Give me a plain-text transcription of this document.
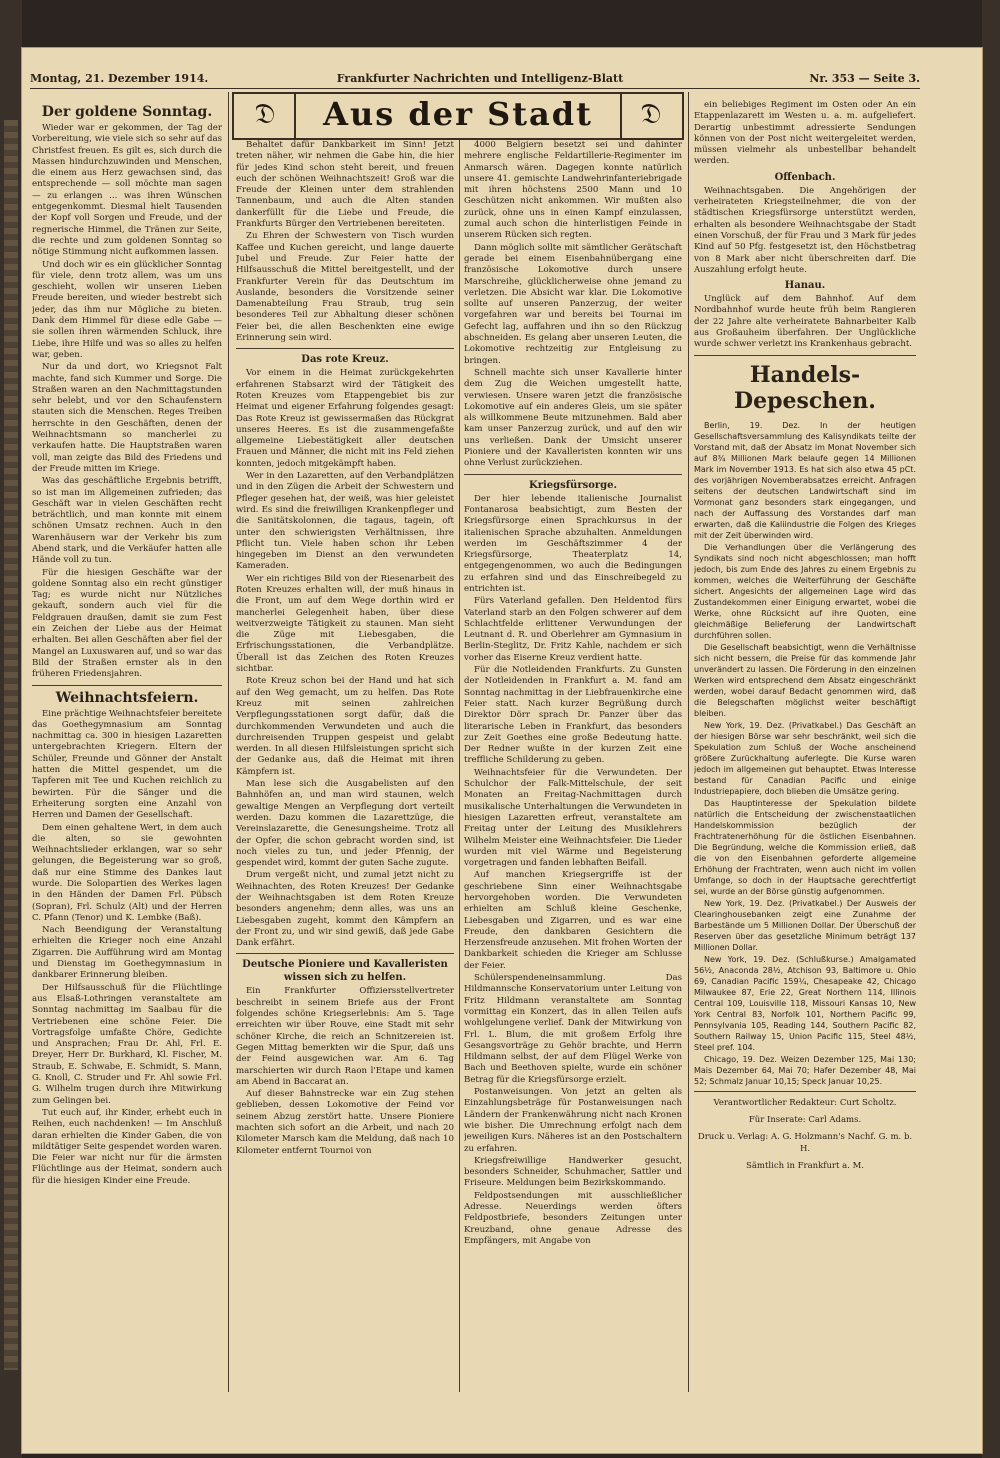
Montag, 21. Dezember 1914.	Frankfurter Nachrichten und Intelligenz-Blatt	Nr. 353 — Seite 3.
𝔇	Aus der Stadt	𝔇
Der goldene Sonntag.

Wieder war er gekommen, der Tag der Vorbereitung, wie viele sich so sehr auf das Christfest freuen. Es gilt es, sich durch die Massen hindurchzuwinden und Menschen, die einem aus Herz gewachsen sind, das entsprechende — soll möchte man sagen — zu erlangen ... was ihren Wünschen entgegenkommt. Diesmal hielt Tausenden der Kopf voll Sorgen und Freude, und der regnerische Himmel, die Tränen zur Seite, die rechte und zum goldenen Sonntag so nötige Stimmung nicht aufkommen lassen.

Und doch wir es ein glücklicher Sonntag für viele, denn trotz allem, was um uns geschieht, wollen wir unseren Lieben Freude bereiten, und wieder bestrebt sich jeder, das ihm nur Mögliche zu bieten. Dank dem Himmel für diese edle Gabe — sie sollen ihren wärmenden Schluck, ihre Liebe, ihre Hilfe und was so alles zu helfen war, geben.

Nur da und dort, wo Kriegsnot Falt machte, fand sich Kummer und Sorge. Die Straßen waren an den Nachmittagstunden sehr belebt, und vor den Schaufenstern stauten sich die Menschen. Reges Treiben herrschte in den Geschäften, denen der Weihnachtsmann so mancherlei zu verkaufen hatte. Die Hauptstraßen waren voll, man zeigte das Bild des Friedens und der Freude mitten im Kriege.

Was das geschäftliche Ergebnis betrifft, so ist man im Allgemeinen zufrieden; das Geschäft war in vielen Geschäften recht beträchtlich, und man konnte mit einem schönen Umsatz rechnen. Auch in den Warenhäusern war der Verkehr bis zum Abend stark, und die Verkäufer hatten alle Hände voll zu tun.

Für die hiesigen Geschäfte war der goldene Sonntag also ein recht günstiger Tag; es wurde nicht nur Nützliches gekauft, sondern auch viel für die Feldgrauen draußen, damit sie zum Fest ein Zeichen der Liebe aus der Heimat erhalten. Bei allen Geschäften aber fiel der Mangel an Luxuswaren auf, und so war das Bild der Straßen ernster als in den früheren Friedensjahren.

Weihnachtsfeiern.

Eine prächtige Weihnachtsfeier bereitete das Goethegymnasium am Sonntag nachmittag ca. 300 in hiesigen Lazaretten untergebrachten Kriegern. Eltern der Schüler, Freunde und Gönner der Anstalt hatten die Mittel gespendet, um die Tapferen mit Tee und Kuchen reichlich zu bewirten. Für die Sänger und die Erheiterung sorgten eine Anzahl von Herren und Damen der Gesellschaft.

Dem einen gehaltene Wert, in dem auch die alten, so sie gewohnten Weihnachtslieder erklangen, war so sehr gelungen, die Begeisterung war so groß, daß nur eine Stimme des Dankes laut wurde. Die Solopartien des Werkes lagen in den Händen der Damen Frl. Pübsch (Sopran), Frl. Schulz (Alt) und der Herren C. Pfann (Tenor) und K. Lembke (Baß).

Nach Beendigung der Veranstaltung erhielten die Krieger noch eine Anzahl Zigarren. Die Aufführung wird am Montag und Dienstag im Goethegymnasium in dankbarer Erinnerung bleiben.

Der Hilfsausschuß für die Flüchtlinge aus Elsaß-Lothringen veranstaltete am Sonntag nachmittag im Saalbau für die Vertriebenen eine schöne Feier. Die Vortragsfolge umfaßte Chöre, Gedichte und Ansprachen; Frau Dr. Ahl, Frl. E. Dreyer, Herr Dr. Burkhard, Kl. Fischer, M. Straub, E. Schwabe, E. Schmidt, S. Mann, G. Knoll, C. Struder und Fr. Ahl sowie Frl. G. Wilhelm trugen durch ihre Mitwirkung zum Gelingen bei.

Tut euch auf, ihr Kinder, erhebt euch in Reihen, euch nachdenken! — Im Anschluß daran erhielten die Kinder Gaben, die von mildtätiger Seite gespendet worden waren. Die Feier war nicht nur für die ärmsten Flüchtlinge aus der Heimat, sondern auch für die hiesigen Kinder eine Freude.

Behaltet dafür Dankbarkeit im Sinn! Jetzt treten näher, wir nehmen die Gabe hin, die hier für jedes Kind schon steht bereit, und freuen euch der schönen Weihnachtszeit! Groß war die Freude der Kleinen unter dem strahlenden Tannenbaum, und auch die Alten standen dankerfüllt für die Liebe und Freude, die Frankfurts Bürger den Vertriebenen bereiteten.

Zu Ehren der Schwestern von Tisch wurden Kaffee und Kuchen gereicht, und lange dauerte Jubel und Freude. Zur Feier hatte der Hilfsausschuß die Mittel bereitgestellt, und der Frankfurter Verein für das Deutschtum im Auslande, besonders die Vorsitzende seiner Damenabteilung Frau Straub, trug sein besonderes Teil zur Abhaltung dieser schönen Feier bei, die allen Beschenkten eine ewige Erinnerung sein wird.

Das rote Kreuz.

Vor einem in die Heimat zurückgekehrten erfahrenen Stabsarzt wird der Tätigkeit des Roten Kreuzes vom Etappengebiet bis zur Heimat und eigener Erfahrung folgendes gesagt: Das Rote Kreuz ist gewissermaßen das Rückgrat unseres Heeres. Es ist die zusammengefaßte allgemeine Liebestätigkeit aller deutschen Frauen und Männer, die nicht mit ins Feld ziehen konnten, jedoch mitgekämpft haben.

Wer in den Lazaretten, auf den Verbandplätzen und in den Zügen die Arbeit der Schwestern und Pfleger gesehen hat, der weiß, was hier geleistet wird. Es sind die freiwilligen Krankenpfleger und die Sanitätskolonnen, die tagaus, tagein, oft unter den schwierigsten Verhältnissen, ihre Pflicht tun. Viele haben schon ihr Leben hingegeben im Dienst an den verwundeten Kameraden.

Wer ein richtiges Bild von der Riesenarbeit des Roten Kreuzes erhalten will, der muß hinaus in die Front, um auf dem Wege dorthin wird er mancherlei Gelegenheit haben, über diese weitverzweigte Tätigkeit zu staunen. Man sieht die Züge mit Liebesgaben, die Erfrischungsstationen, die Verbandplätze. Überall ist das Zeichen des Roten Kreuzes sichtbar.

Rote Kreuz schon bei der Hand und hat sich auf den Weg gemacht, um zu helfen. Das Rote Kreuz mit seinen zahlreichen Verpflegungsstationen sorgt dafür, daß die durchkommenden Verwundeten und auch die durchreisenden Truppen gespeist und gelabt werden. In all diesen Hilfsleistungen spricht sich der Gedanke aus, daß die Heimat mit ihren Kämpfern ist.

Man lese sich die Ausgabelisten auf den Bahnhöfen an, und man wird staunen, welch gewaltige Mengen an Verpflegung dort verteilt werden. Dazu kommen die Lazarettzüge, die Vereinslazarette, die Genesungsheime. Trotz all der Opfer, die schon gebracht worden sind, ist noch vieles zu tun, und jeder Pfennig, der gespendet wird, kommt der guten Sache zugute.

Drum vergeßt nicht, und zumal jetzt nicht zu Weihnachten, des Roten Kreuzes! Der Gedanke der Weihnachtsgaben ist dem Roten Kreuze besonders angenehm; denn alles, was uns an Liebesgaben zugeht, kommt den Kämpfern an der Front zu, und wir sind gewiß, daß jede Gabe Dank erfährt.

Deutsche Pioniere und Kavalleristen wissen sich zu helfen.

Ein Frankfurter Offiziersstellvertreter beschreibt in seinem Briefe aus der Front folgendes schöne Kriegserlebnis: Am 5. Tage erreichten wir über Rouve, eine Stadt mit sehr schöner Kirche, die reich an Schnitzereien ist. Gegen Mittag bemerkten wir die Spur, daß uns der Feind ausgewichen war. Am 6. Tag marschierten wir durch Raon l'Etape und kamen am Abend in Baccarat an.

Auf dieser Bahnstrecke war ein Zug stehen geblieben, dessen Lokomotive der Feind vor seinem Abzug zerstört hatte. Unsere Pioniere machten sich sofort an die Arbeit, und nach 20 Kilometer Marsch kam die Meldung, daß nach 10 Kilometer entfernt Tournoi von

4000 Belgiern besetzt sei und dahinter mehrere englische Feldartillerie-Regimenter im Anmarsch wären. Dagegen konnte natürlich unsere 41. gemischte Landwehrinfanteriebrigade mit ihren höchstens 2500 Mann und 10 Geschützen nicht ankommen. Wir mußten also zurück, ohne uns in einen Kampf einzulassen, zumal auch schon die hinterlistigen Feinde in unserem Rücken sich regten.

Dann möglich sollte mit sämtlicher Gerätschaft gerade bei einem Eisenbahnübergang eine französische Lokomotive durch unsere Marschreihe, glücklicherweise ohne jemand zu verletzen. Die Absicht war klar. Die Lokomotive sollte auf unseren Panzerzug, der weiter vorgefahren war und bereits bei Tournai im Gefecht lag, auffahren und ihn so den Rückzug abschneiden. Es gelang aber unseren Leuten, die Lokomotive rechtzeitig zur Entgleisung zu bringen.

Schnell machte sich unser Kavallerie hinter dem Zug die Weichen umgestellt hatte, verwiesen. Unsere waren jetzt die französische Lokomotive auf ein anderes Gleis, um sie später als willkommene Beute mitzunehmen. Bald aber kam unser Panzerzug zurück, und auf den wir uns verließen. Dank der Umsicht unserer Pioniere und der Kavalleristen konnten wir uns ohne Verlust zurückziehen.

Kriegsfürsorge.

Der hier lebende italienische Journalist Fontanarosa beabsichtigt, zum Besten der Kriegsfürsorge einen Sprachkursus in der italienischen Sprache abzuhalten. Anmeldungen werden im Geschäftszimmer 4 der Kriegsfürsorge, Theaterplatz 14, entgegengenommen, wo auch die Bedingungen zu erfahren sind und das Einschreibegeld zu entrichten ist.

Fürs Vaterland gefallen. Den Heldentod fürs Vaterland starb an den Folgen schwerer auf dem Schlachtfelde erlittener Verwundungen der Leutnant d. R. und Oberlehrer am Gymnasium in Berlin-Steglitz, Dr. Fritz Kahle, nachdem er sich vorher das Eiserne Kreuz verdient hatte.

Für die Notleidenden Frankfurts. Zu Gunsten der Notleidenden in Frankfurt a. M. fand am Sonntag nachmittag in der Liebfrauenkirche eine Feier statt. Nach kurzer Begrüßung durch Direktor Dörr sprach Dr. Panzer über das literarische Leben in Frankfurt, das besonders zur Zeit Goethes eine große Bedeutung hatte. Der Redner wußte in der kurzen Zeit eine treffliche Schilderung zu geben.

Weihnachtsfeier für die Verwundeten. Der Schulchor der Falk-Mittelschule, der seit Monaten an Freitag-Nachmittagen durch musikalische Unterhaltungen die Verwundeten in hiesigen Lazaretten erfreut, veranstaltete am Freitag unter der Leitung des Musiklehrers Wilhelm Meister eine Weihnachtsfeier. Die Lieder wurden mit viel Wärme und Begeisterung vorgetragen und fanden lebhaften Beifall.

Auf manchen Kriegsergriffe ist der geschriebene Sinn einer Weihnachtsgabe hervorgehoben worden. Die Verwundeten erhielten am Schluß kleine Geschenke, Liebesgaben und Zigarren, und es war eine Freude, den dankbaren Gesichtern die Herzensfreude anzusehen. Mit frohen Worten der Dankbarkeit schieden die Krieger am Schlusse der Feier.

Schülerspendeneinsammlung. Das Hildmannsche Konservatorium unter Leitung von Fritz Hildmann veranstaltete am Sonntag vormittag ein Konzert, das in allen Teilen aufs wohlgelungene verlief. Dank der Mitwirkung von Frl. L. Blum, die mit großem Erfolg ihre Gesangsvorträge zu Gehör brachte, und Herrn Hildmann selbst, der auf dem Flügel Werke von Bach und Beethoven spielte, wurde ein schöner Betrag für die Kriegsfürsorge erzielt.

Postanweisungen. Von jetzt an gelten als Einzahlungsbeträge für Postanweisungen nach Ländern der Frankenwährung nicht nach Kronen wie bisher. Die Umrechnung erfolgt nach dem jeweiligen Kurs. Näheres ist an den Postschaltern zu erfahren.

Kriegsfreiwillige Handwerker gesucht, besonders Schneider, Schuhmacher, Sattler und Friseure. Meldungen beim Bezirkskommando.

Feldpostsendungen mit ausschließlicher Adresse. Neuerdings werden öfters Feldpostbriefe, besonders Zeitungen unter Kreuzband, ohne genaue Adresse des Empfängers, mit Angabe von

ein beliebiges Regiment im Osten oder An ein Etappenlazarett im Westen u. a. m. aufgeliefert. Derartig unbestimmt adressierte Sendungen können von der Post nicht weitergeleitet werden, müssen vielmehr als unbestellbar behandelt werden.

Offenbach.

Weihnachtsgaben. Die Angehörigen der verheirateten Kriegsteilnehmer, die von der städtischen Kriegsfürsorge unterstützt werden, erhalten als besondere Weihnachtsgabe der Stadt einen Vorschuß, der für Frau und 3 Mark für jedes Kind auf 50 Pfg. festgesetzt ist, den Höchstbetrag von 8 Mark aber nicht überschreiten darf. Die Auszahlung erfolgt heute.

Hanau.

Unglück auf dem Bahnhof. Auf dem Nordbahnhof wurde heute früh beim Rangieren der 22 Jahre alte verheiratete Bahnarbeiter Kalb aus Großauheim überfahren. Der Unglückliche wurde schwer verletzt ins Krankenhaus gebracht.

Handels-Depeschen.

Berlin, 19. Dez. In der heutigen Gesellschaftsversammlung des Kalisyndikats teilte der Vorstand mit, daß der Absatz im Monat November sich auf 8¾ Millionen Mark belaufe gegen 14 Millionen Mark im November 1913. Es hat sich also etwa 45 pCt. des vorjährigen Novemberabsatzes erreicht. Anfragen seitens der deutschen Landwirtschaft sind im Vormonat ganz besonders stark eingegangen, und nach der Auffassung des Vorstandes darf man erwarten, daß die Kaliindustrie die Folgen des Krieges mit der Zeit überwinden wird.

Die Verhandlungen über die Verlängerung des Syndikats sind noch nicht abgeschlossen; man hofft jedoch, bis zum Ende des Jahres zu einem Ergebnis zu kommen, welches die Weiterführung der Geschäfte sichert. Angesichts der allgemeinen Lage wird das Zustandekommen einer Einigung erwartet, wobei die Werke, ohne Rücksicht auf ihre Quoten, eine gleichmäßige Belieferung der Landwirtschaft durchführen sollen.

Die Gesellschaft beabsichtigt, wenn die Verhältnisse sich nicht bessern, die Preise für das kommende Jahr unverändert zu lassen. Die Förderung in den einzelnen Werken wird entsprechend dem Absatz eingeschränkt werden, wobei darauf Bedacht genommen wird, daß die Belegschaften möglichst weiter beschäftigt bleiben.

New York, 19. Dez. (Privatkabel.) Das Geschäft an der hiesigen Börse war sehr beschränkt, weil sich die Spekulation zum Schluß der Woche anscheinend größere Zurückhaltung auferlegte. Die Kurse waren jedoch im allgemeinen gut behauptet. Etwas Interesse bestand für Canadian Pacific und einige Industriepapiere, doch blieben die Umsätze gering.

Das Hauptinteresse der Spekulation bildete natürlich die Entscheidung der zwischenstaatlichen Handelskommission bezüglich der Frachtratenerhöhung für die östlichen Eisenbahnen. Die Begründung, welche die Kommission erließ, daß die von den Eisenbahnen geforderte allgemeine Erhöhung der Frachtraten, wenn auch nicht im vollen Umfange, so doch in der Hauptsache gerechtfertigt sei, wurde an der Börse günstig aufgenommen.

New York, 19. Dez. (Privatkabel.) Der Ausweis der Clearinghousebanken zeigt eine Zunahme der Barbestände um 5 Millionen Dollar. Der Überschuß der Reserven über das gesetzliche Minimum beträgt 137 Millionen Dollar.

New York, 19. Dez. (Schlußkurse.) Amalgamated 56½, Anaconda 28½, Atchison 93, Baltimore u. Ohio 69, Canadian Pacific 159¼, Chesapeake 42, Chicago Milwaukee 87, Erie 22, Great Northern 114, Illinois Central 109, Louisville 118, Missouri Kansas 10, New York Central 83, Norfolk 101, Northern Pacific 99, Pennsylvania 105, Reading 144, Southern Pacific 82, Southern Railway 15, Union Pacific 115, Steel 48½, Steel pref. 104.

Chicago, 19. Dez. Weizen Dezember 125, Mai 130; Mais Dezember 64, Mai 70; Hafer Dezember 48, Mai 52; Schmalz Januar 10,15; Speck Januar 10,25.

Verantwortlicher Redakteur: Curt Scholtz.
Für Inserate: Carl Adams.
Druck u. Verlag: A. G. Holzmann's Nachf. G. m. b. H.
Sämtlich in Frankfurt a. M.
